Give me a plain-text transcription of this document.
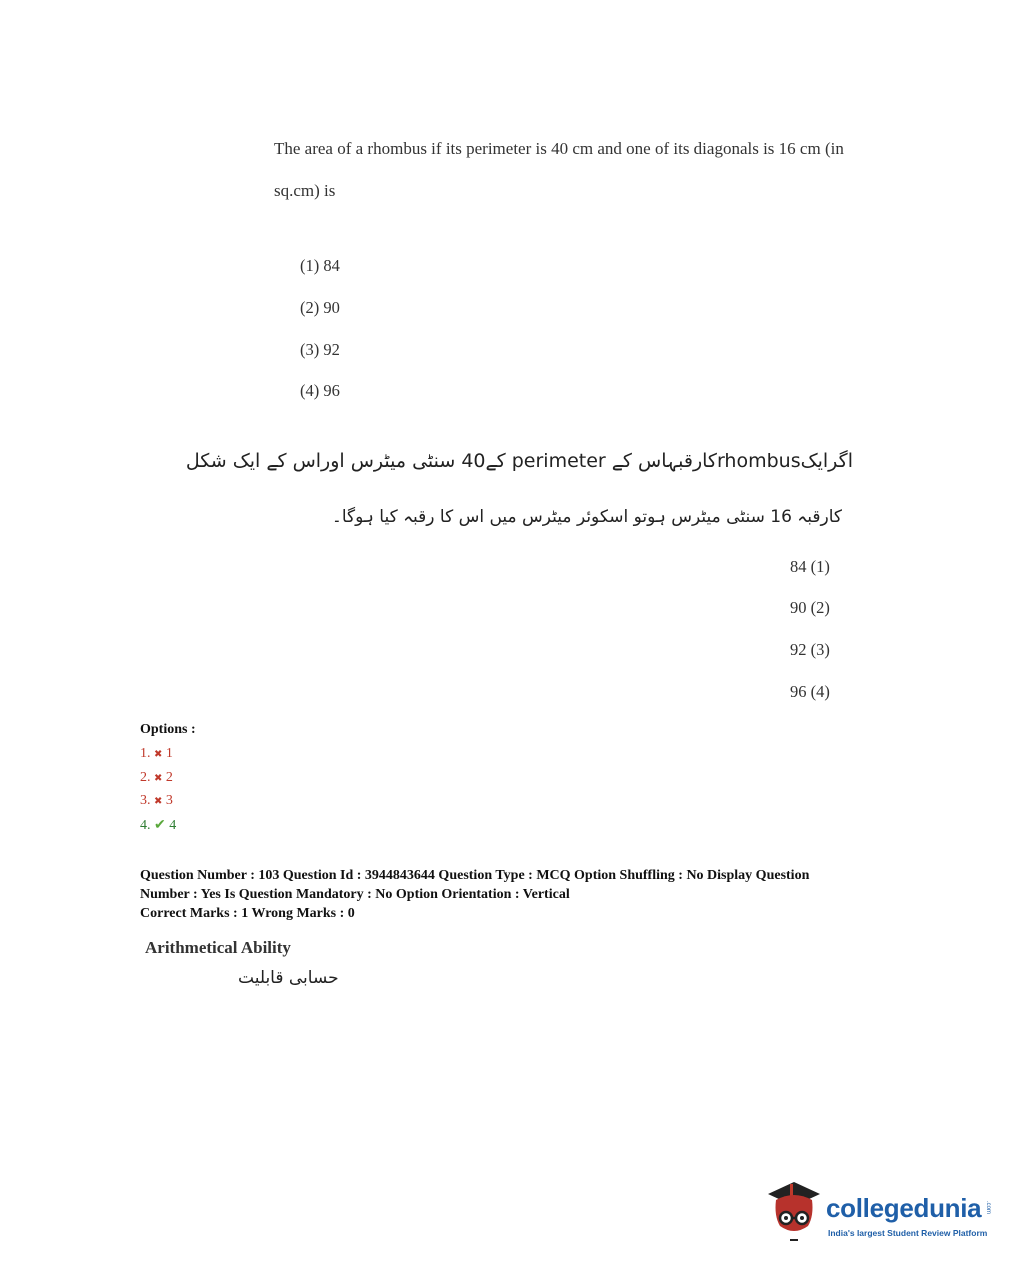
The area of a rhombus if its perimeter is 40 cm and one of its diagonals is 16 cm (in
sq.cm) is
(1) 84
(2) 90
(3) 92
(4) 96
اگرایکrhombusکارقبہاس کے perimeter کے40 سنٹی میٹرس اوراس کے ایک شکل
کارقبہ 16 سنٹی میٹرس ہوتو اسکوئر میٹرس میں اس کا رقبہ کیا ہوگا۔
84 (1)
90 (2)
92 (3)
96 (4)
Options :
1. ✖ 1
2. ✖ 2
3. ✖ 3
4. ✔ 4
Question Number : 103 Question Id : 3944843644 Question Type : MCQ Option Shuffling : No Display Question
Number : Yes Is Question Mandatory : No Option Orientation : Vertical
Correct Marks : 1 Wrong Marks : 0
Arithmetical Ability
حسابی قابلیت
collegedunia .com
India's largest Student Review Platform
